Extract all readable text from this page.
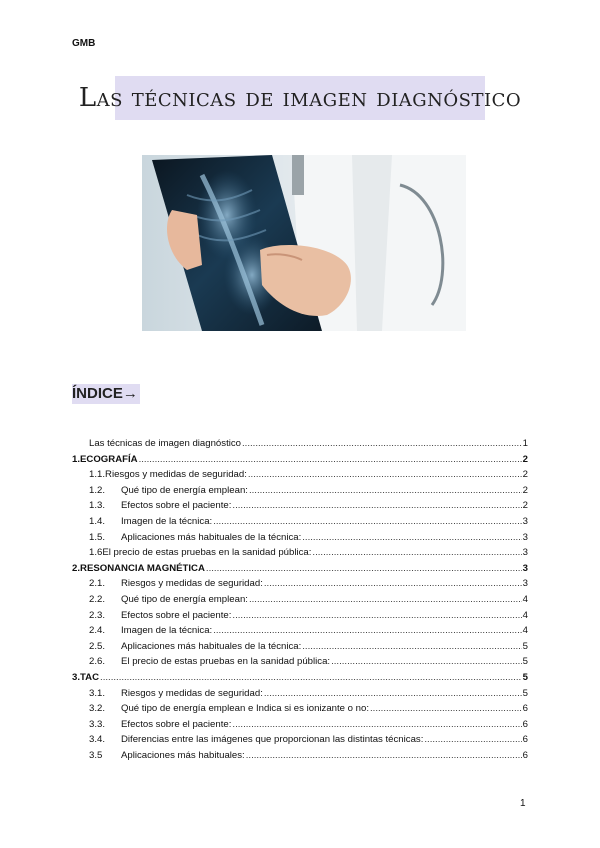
GMB
Las técnicas de imagen diagnóstico
ÍNDICE→
Las técnicas de imagen diagnóstico .....	1
1. ECOGRAFÍA .....	2
1.1. Riesgos y medidas de seguridad: .....	2
1.2.	Qué tipo de energía emplean: .....	2
1.3.	Efectos sobre el paciente: .....	2
1.4.	Imagen de la técnica: .....	3
1.5.	Aplicaciones más habituales de la técnica: .....	3
1.6 El precio de estas pruebas en la sanidad pública: .....	3
2. RESONANCIA MAGNÉTICA .....	3
2.1.	Riesgos y medidas de seguridad: .....	3
2.2.	Qué tipo de energía emplean: .....	4
2.3.	Efectos sobre el paciente: .....	4
2.4.	Imagen de la técnica: .....	4
2.5.	Aplicaciones más habituales de la técnica: .....	5
2.6.	El precio de estas pruebas en la sanidad pública: .....	5
3. TAC .....	5
3.1.	Riesgos y medidas de seguridad: .....	5
3.2.	Qué tipo de energía emplean e Indica si es ionizante o no: .....	6
3.3.	Efectos sobre el paciente: .....	6
3.4.	Diferencias entre las imágenes que proporcionan las distintas técnicas: .....	6
3.5	Aplicaciones más habituales: .....	6
1
